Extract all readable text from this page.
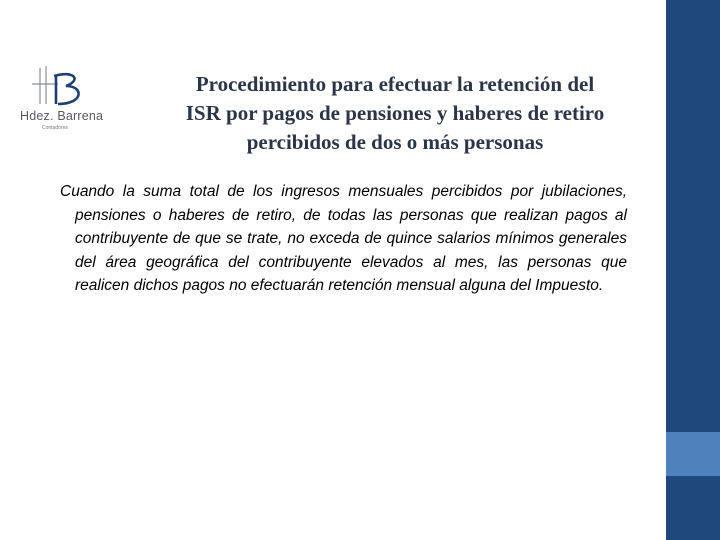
Hdez. Barrena
Contadores
Procedimiento para efectuar la retención del
ISR por pagos de pensiones y haberes de retiro
percibidos de dos o más personas
Cuando la suma total de los ingresos mensuales percibidos por jubilaciones, pensiones o haberes de retiro, de todas las personas que realizan pagos al contribuyente de que se trate, no exceda de quince salarios mínimos generales del área geográfica del contribuyente elevados al mes, las personas que realicen dichos pagos no efectuarán retención mensual alguna del Impuesto.
